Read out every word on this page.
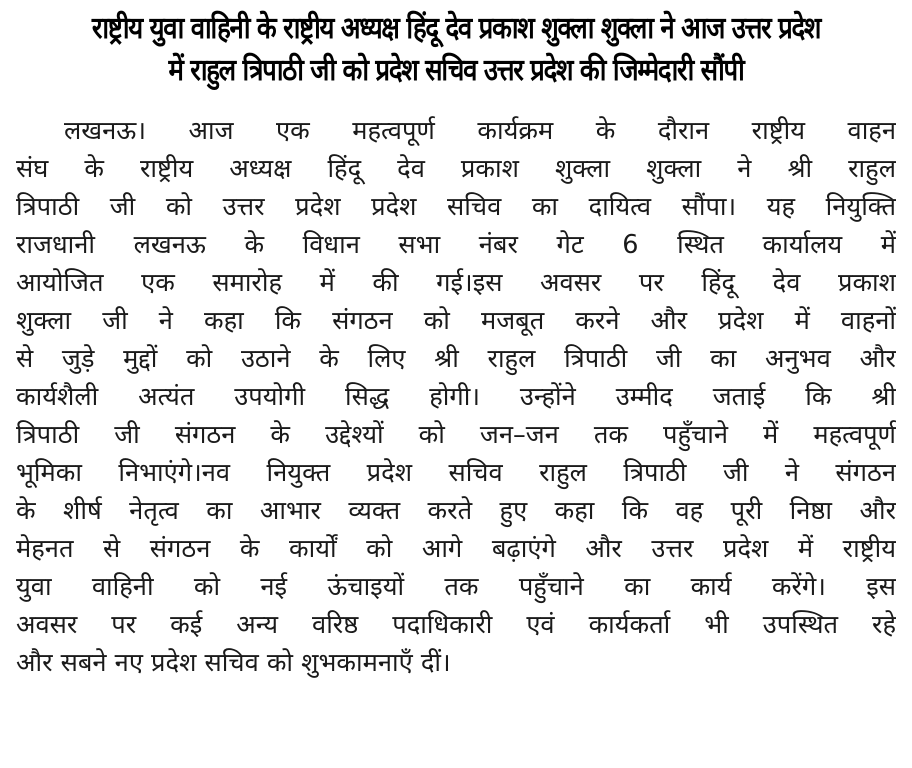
राष्ट्रीय युवा वाहिनी के राष्ट्रीय अध्यक्ष हिंदू देव प्रकाश शुक्ला शुक्ला ने आज उत्तर प्रदेश
में राहुल त्रिपाठी जी को प्रदेश सचिव उत्तर प्रदेश की जिम्मेदारी सौंपी
लखनऊ। आज एक महत्वपूर्ण कार्यक्रम के दौरान राष्ट्रीय वाहन
संघ के राष्ट्रीय अध्यक्ष हिंदू देव प्रकाश शुक्ला शुक्ला ने श्री राहुल
त्रिपाठी जी को उत्तर प्रदेश प्रदेश सचिव का दायित्व सौंपा। यह नियुक्ति
राजधानी लखनऊ के विधान सभा नंबर गेट 6 स्थित कार्यालय में
आयोजित एक समारोह में की गई।इस अवसर पर हिंदू देव प्रकाश
शुक्ला जी ने कहा कि संगठन को मजबूत करने और प्रदेश में वाहनों
से जुड़े मुद्दों को उठाने के लिए श्री राहुल त्रिपाठी जी का अनुभव और
कार्यशैली अत्यंत उपयोगी सिद्ध होगी। उन्होंने उम्मीद जताई कि श्री
त्रिपाठी जी संगठन के उद्देश्यों को जन–जन तक पहुँचाने में महत्वपूर्ण
भूमिका निभाएंगे।नव नियुक्त प्रदेश सचिव राहुल त्रिपाठी जी ने संगठन
के शीर्ष नेतृत्व का आभार व्यक्त करते हुए कहा कि वह पूरी निष्ठा और
मेहनत से संगठन के कार्यों को आगे बढ़ाएंगे और उत्तर प्रदेश में राष्ट्रीय
युवा वाहिनी को नई ऊंचाइयों तक पहुँचाने का कार्य करेंगे। इस
अवसर पर कई अन्य वरिष्ठ पदाधिकारी एवं कार्यकर्ता भी उपस्थित रहे
और सबने नए प्रदेश सचिव को शुभकामनाएँ दीं।
